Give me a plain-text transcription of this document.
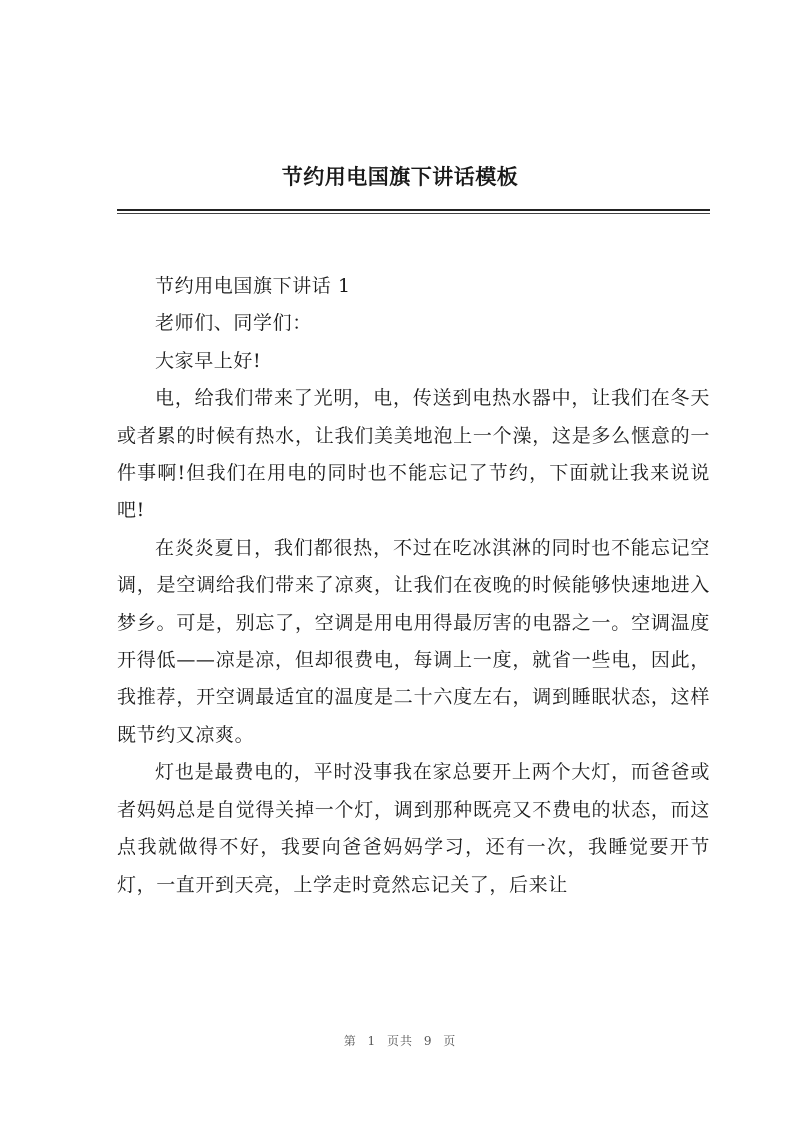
节约用电国旗下讲话模板

节约用电国旗下讲话 1

老师们、同学们：

大家早上好!

电，给我们带来了光明，电，传送到电热水器中，让我们在冬天或者累的时候有热水，让我们美美地泡上一个澡，这是多么惬意的一件事啊!但我们在用电的同时也不能忘记了节约，下面就让我来说说吧!

在炎炎夏日，我们都很热，不过在吃冰淇淋的同时也不能忘记空调，是空调给我们带来了凉爽，让我们在夜晚的时候能够快速地进入梦乡。可是，别忘了，空调是用电用得最厉害的电器之一。空调温度开得低——凉是凉，但却很费电，每调上一度，就省一些电，因此，我推荐，开空调最适宜的温度是二十六度左右，调到睡眠状态，这样既节约又凉爽。

灯也是最费电的，平时没事我在家总要开上两个大灯，而爸爸或者妈妈总是自觉得关掉一个灯，调到那种既亮又不费电的状态，而这点我就做得不好，我要向爸爸妈妈学习，还有一次，我睡觉要开节灯，一直开到天亮，上学走时竟然忘记关了，后来让

第 1 页共 9 页
